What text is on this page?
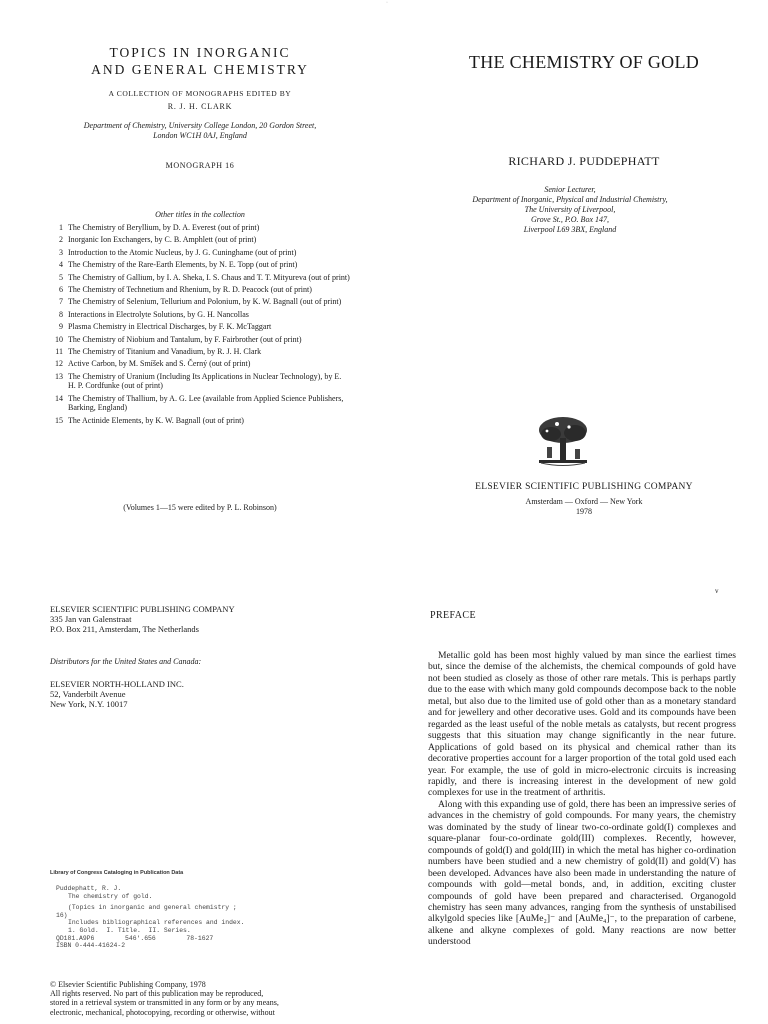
·
TOPICS IN INORGANIC
AND GENERAL CHEMISTRY
A COLLECTION OF MONOGRAPHS EDITED BY
R. J. H. CLARK
Department of Chemistry, University College London, 20 Gordon Street,
London WC1H 0AJ, England
MONOGRAPH 16
Other titles in the collection
1 The Chemistry of Beryllium, by D. A. Everest (out of print)
2 Inorganic Ion Exchangers, by C. B. Amphlett (out of print)
3 Introduction to the Atomic Nucleus, by J. G. Cuninghame (out of print)
4 The Chemistry of the Rare-Earth Elements, by N. E. Topp (out of print)
5 The Chemistry of Gallium, by I. A. Sheka, I. S. Chaus and T. T. Mityureva (out of print)
6 The Chemistry of Technetium and Rhenium, by R. D. Peacock (out of print)
7 The Chemistry of Selenium, Tellurium and Polonium, by K. W. Bagnall (out of print)
8 Interactions in Electrolyte Solutions, by G. H. Nancollas
9 Plasma Chemistry in Electrical Discharges, by F. K. McTaggart
10 The Chemistry of Niobium and Tantalum, by F. Fairbrother (out of print)
11 The Chemistry of Titanium and Vanadium, by R. J. H. Clark
12 Active Carbon, by M. Smíšek and S. Černý (out of print)
13 The Chemistry of Uranium (Including Its Applications in Nuclear Technology), by E. H. P. Cordfunke (out of print)
14 The Chemistry of Thallium, by A. G. Lee (available from Applied Science Publishers, Barking, England)
15 The Actinide Elements, by K. W. Bagnall (out of print)
(Volumes 1—15 were edited by P. L. Robinson)
THE CHEMISTRY OF GOLD
RICHARD J. PUDDEPHATT
Senior Lecturer,
Department of Inorganic, Physical and Industrial Chemistry,
The University of Liverpool,
Grove St., P.O. Box 147,
Liverpool L69 3BX, England
ELSEVIER SCIENTIFIC PUBLISHING COMPANY
Amsterdam — Oxford — New York
1978
ELSEVIER SCIENTIFIC PUBLISHING COMPANY
335 Jan van Galenstraat
P.O. Box 211, Amsterdam, The Netherlands
Distributors for the United States and Canada:
ELSEVIER NORTH-HOLLAND INC.
52, Vanderbilt Avenue
New York, N.Y. 10017
Library of Congress Cataloging in Publication Data
Puddephatt, R. J.
The chemistry of gold.
(Topics in inorganic and general chemistry ;
16)
Includes bibliographical references and index.
1. Gold.  I. Title.  II. Series.
QD181.A9P6        546'.656        78-1627
ISBN 0-444-41624-2
© Elsevier Scientific Publishing Company, 1978
All rights reserved. No part of this publication may be reproduced,
stored in a retrieval system or transmitted in any form or by any means,
electronic, mechanical, photocopying, recording or otherwise, without
v
PREFACE

Metallic gold has been most highly valued by man since the earliest times but, since the demise of the alchemists, the chemical compounds of gold have not been studied as closely as those of other rare metals. This is perhaps partly due to the ease with which many gold compounds decompose back to the noble metal, but also due to the limited use of gold other than as a monetary standard and for jewellery and other decorative uses. Gold and its compounds have been regarded as the least useful of the noble metals as catalysts, but recent progress suggests that this situation may change significantly in the near future. Applications of gold based on its physical and chemical rather than its decorative properties account for a larger proportion of the total gold used each year. For example, the use of gold in micro-electronic circuits is increasing rapidly, and there is increasing interest in the development of new gold complexes for use in the treatment of arthritis.

Along with this expanding use of gold, there has been an impressive series of advances in the chemistry of gold compounds. For many years, the chemistry was dominated by the study of linear two-co-ordinate gold(I) complexes and square-planar four-co-ordinate gold(III) complexes. Recently, however, compounds of gold(I) and gold(III) in which the metal has higher co-ordination numbers have been studied and a new chemistry of gold(II) and gold(V) has been developed. Advances have also been made in understanding the nature of compounds with gold—metal bonds, and, in addition, exciting cluster compounds of gold have been prepared and characterised. Organogold chemistry has seen many advances, ranging from the synthesis of unstabilised alkylgold species like [AuMe₂]⁻ and [AuMe₄]⁻, to the preparation of carbene, alkene and alkyne complexes of gold. Many reactions are now better understood
